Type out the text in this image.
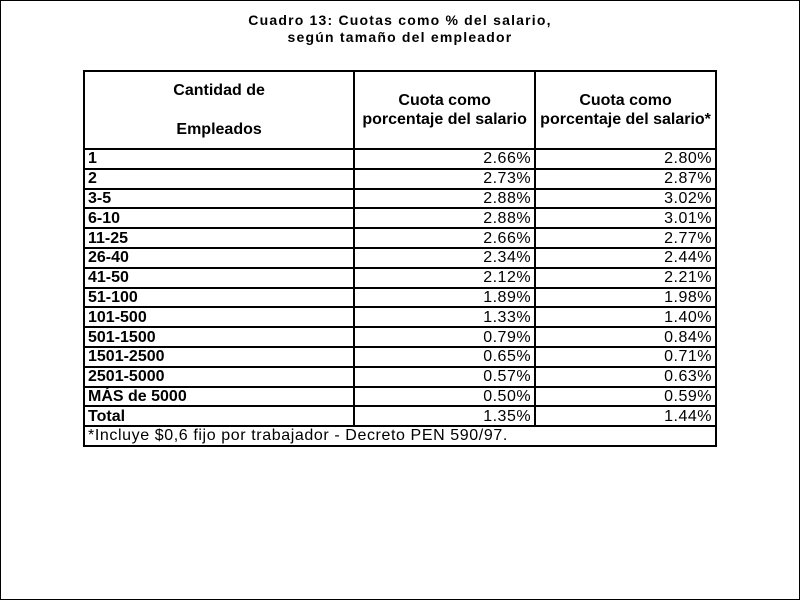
Cuadro 13: Cuotas como % del salario,
según tamaño del empleador
Cantidad de
Empleados	Cuota como porcentaje del salario	Cuota como porcentaje del salario*
1	2.66%	2.80%
2	2.73%	2.87%
3-5	2.88%	3.02%
6-10	2.88%	3.01%
11-25	2.66%	2.77%
26-40	2.34%	2.44%
41-50	2.12%	2.21%
51-100	1.89%	1.98%
101-500	1.33%	1.40%
501-1500	0.79%	0.84%
1501-2500	0.65%	0.71%
2501-5000	0.57%	0.63%
MÁS de 5000	0.50%	0.59%
Total	1.35%	1.44%
*Incluye $0,6 fijo por trabajador - Decreto PEN 590/97.		
